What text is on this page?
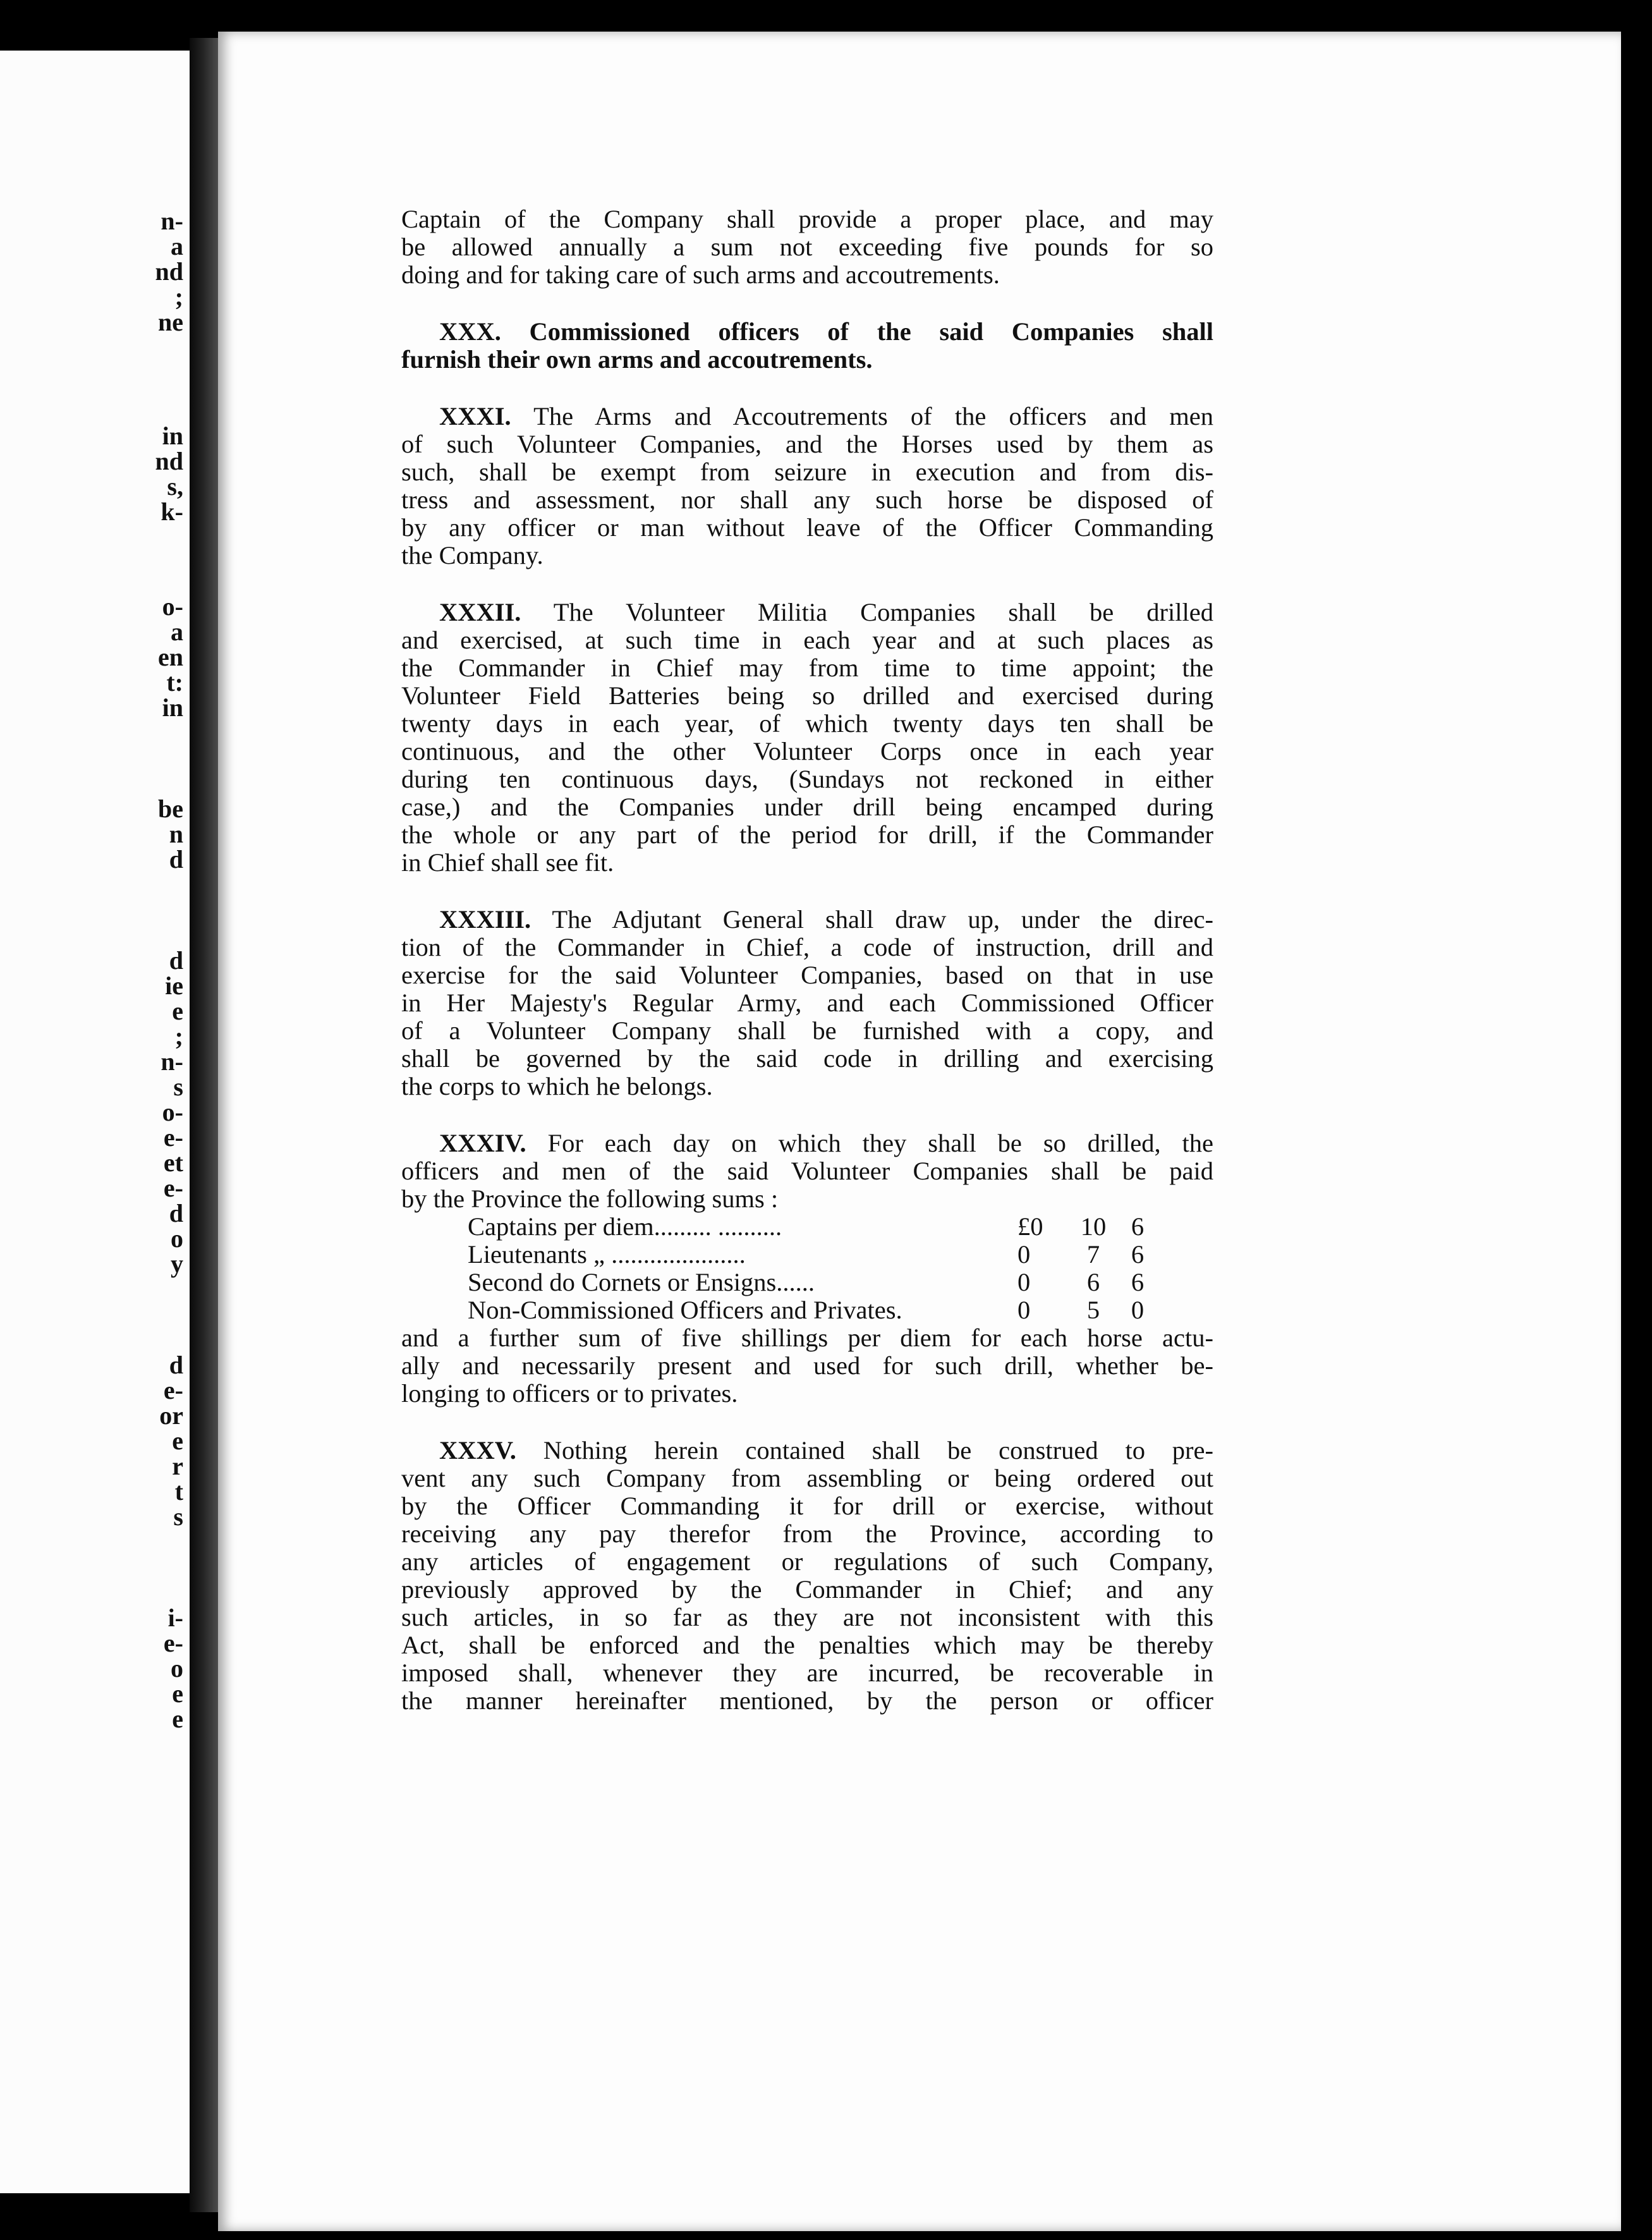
n-
a
nd
;
ne
in
nd
s,
k-
o-
a
en
t:
in
be
n
d
d
ie
e
;
n-
s
o-
e-
et
e-
d
o
y
d
e-
or
e
r
t
s
i-
e-
o
e
e
Captain of the Company shall provide a proper place, and may
be allowed annually a sum not exceeding five pounds for so
doing and for taking care of such arms and accoutrements.
XXX. Commissioned officers of the said Companies shall
furnish their own arms and accoutrements.
XXXI. The Arms and Accoutrements of the officers and men
of such Volunteer Companies, and the Horses used by them as
such, shall be exempt from seizure in execution and from dis-
tress and assessment, nor shall any such horse be disposed of
by any officer or man without leave of the Officer Commanding
the Company.
XXXII. The Volunteer Militia Companies shall be drilled
and exercised, at such time in each year and at such places as
the Commander in Chief may from time to time appoint; the
Volunteer Field Batteries being so drilled and exercised during
twenty days in each year, of which twenty days ten shall be
continuous, and the other Volunteer Corps once in each year
during ten continuous days, (Sundays not reckoned in either
case,) and the Companies under drill being encamped during
the whole or any part of the period for drill, if the Commander
in Chief shall see fit.
XXXIII. The Adjutant General shall draw up, under the direc-
tion of the Commander in Chief, a code of instruction, drill and
exercise for the said Volunteer Companies, based on that in use
in Her Majesty's Regular Army, and each Commissioned Officer
of a Volunteer Company shall be furnished with a copy, and
shall be governed by the said code in drilling and exercising
the corps to which he belongs.
XXXIV. For each day on which they shall be so drilled, the
officers and men of the said Volunteer Companies shall be paid
by the Province the following sums :
Captains per diem......... ..........	£0	10	6
Lieutenants „ .....................	0	7	6
Second do Cornets or Ensigns......	0	6	6
Non-Commissioned Officers and Privates.	0	5	0
and a further sum of five shillings per diem for each horse actu-
ally and necessarily present and used for such drill, whether be-
longing to officers or to privates.
XXXV. Nothing herein contained shall be construed to pre-
vent any such Company from assembling or being ordered out
by the Officer Commanding it for drill or exercise, without
receiving any pay therefor from the Province, according to
any articles of engagement or regulations of such Company,
previously approved by the Commander in Chief; and any
such articles, in so far as they are not inconsistent with this
Act, shall be enforced and the penalties which may be thereby
imposed shall, whenever they are incurred, be recoverable in
the manner hereinafter mentioned, by the person or officer
